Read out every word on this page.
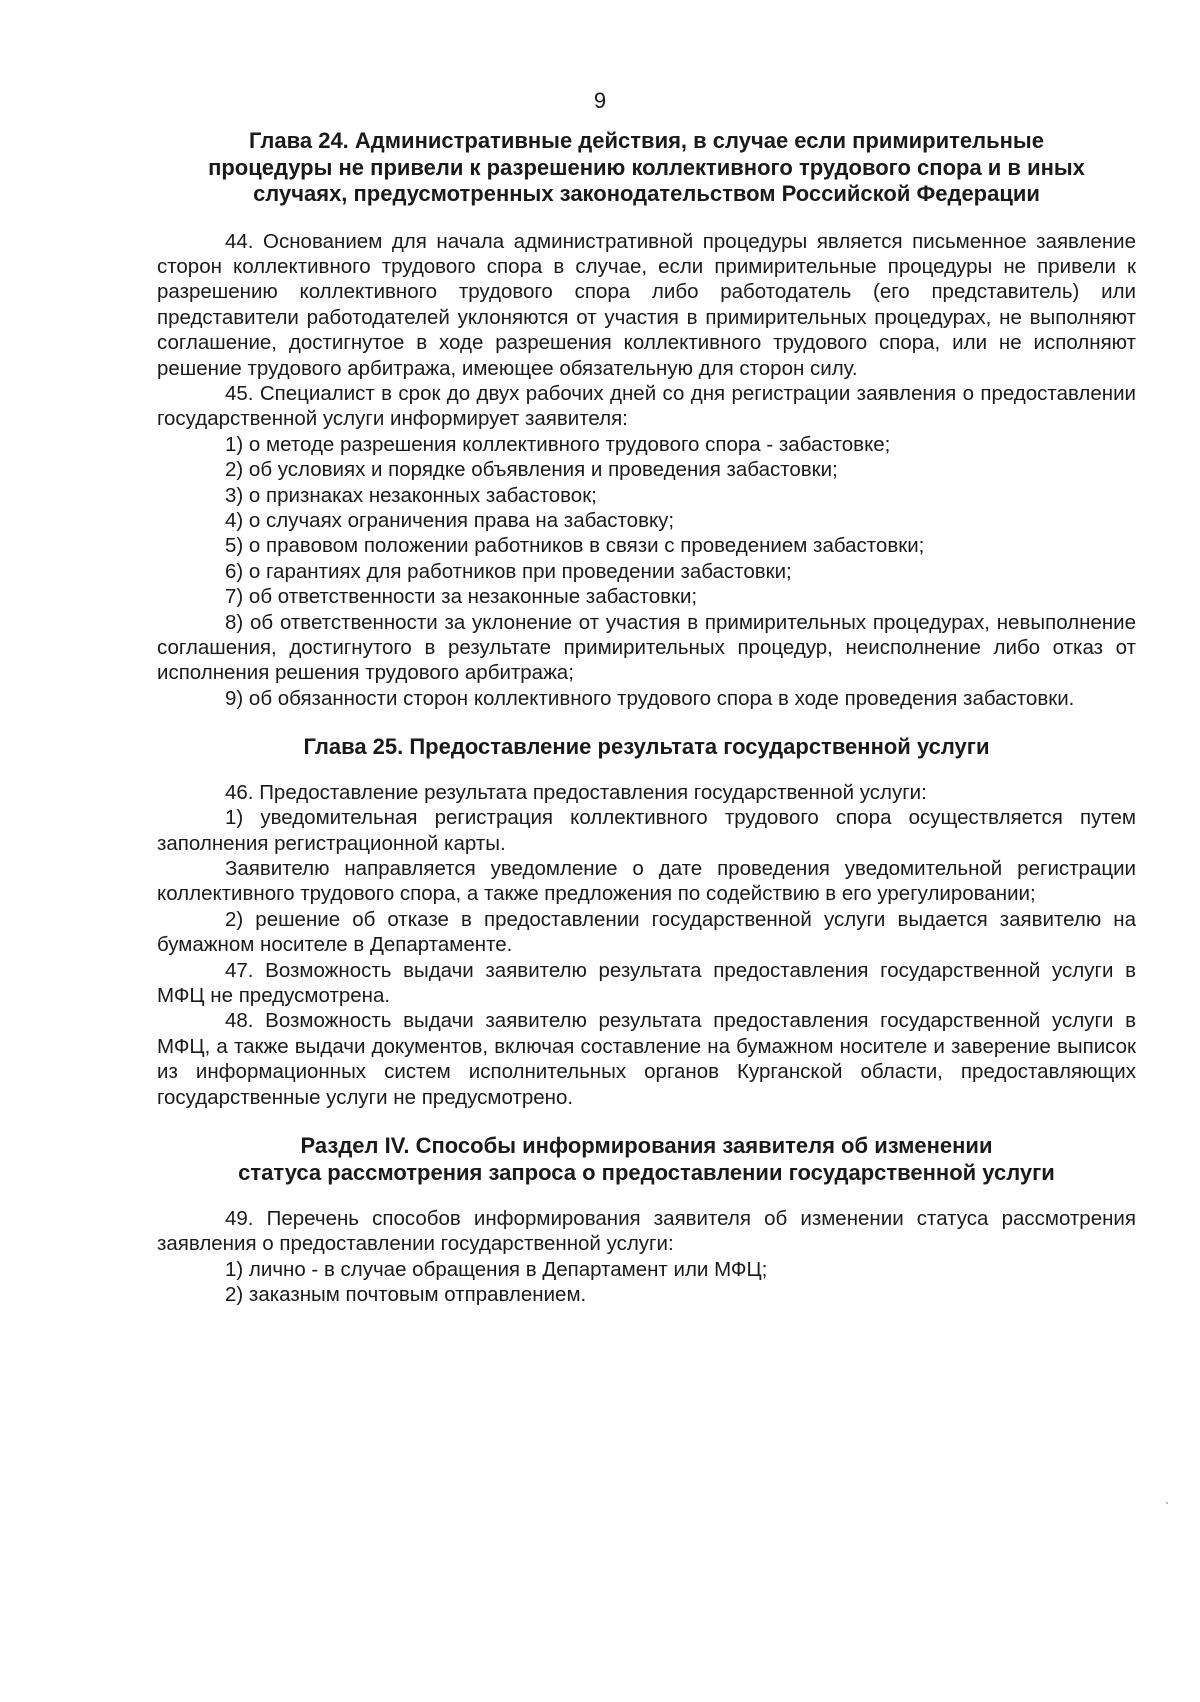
9
Глава 24. Административные действия, в случае если примирительные
процедуры не привели к разрешению коллективного трудового спора и в иных
случаях, предусмотренных законодательством Российской Федерации

44. Основанием для начала административной процедуры является письменное заявление сторон коллективного трудового спора в случае, если примирительные процедуры не привели к разрешению коллективного трудового спора либо работодатель (его представитель) или представители работодателей уклоняются от участия в примирительных процедурах, не выполняют соглашение, достигнутое в ходе разрешения коллективного трудового спора, или не исполняют решение трудового арбитража, имеющее обязательную для сторон силу.

45. Специалист в срок до двух рабочих дней со дня регистрации заявления о предоставлении государственной услуги информирует заявителя:

1) о методе разрешения коллективного трудового спора - забастовке;

2) об условиях и порядке объявления и проведения забастовки;

3) о признаках незаконных забастовок;

4) о случаях ограничения права на забастовку;

5) о правовом положении работников в связи с проведением забастовки;

6) о гарантиях для работников при проведении забастовки;

7) об ответственности за незаконные забастовки;

8) об ответственности за уклонение от участия в примирительных процедурах, невыполнение соглашения, достигнутого в результате примирительных процедур, неисполнение либо отказ от исполнения решения трудового арбитража;

9) об обязанности сторон коллективного трудового спора в ходе проведения забастовки.

Глава 25. Предоставление результата государственной услуги

46. Предоставление результата предоставления государственной услуги:

1) уведомительная регистрация коллективного трудового спора осуществляется путем заполнения регистрационной карты.

Заявителю направляется уведомление о дате проведения уведомительной регистрации коллективного трудового спора, а также предложения по содействию в его урегулировании;

2) решение об отказе в предоставлении государственной услуги выдается заявителю на бумажном носителе в Департаменте.

47. Возможность выдачи заявителю результата предоставления государственной услуги в МФЦ не предусмотрена.

48. Возможность выдачи заявителю результата предоставления государственной услуги в МФЦ, а также выдачи документов, включая составление на бумажном носителе и заверение выписок из информационных систем исполнительных органов Курганской области, предоставляющих государственные услуги не предусмотрено.

Раздел IV. Способы информирования заявителя об изменении
статуса рассмотрения запроса о предоставлении государственной услуги

49. Перечень способов информирования заявителя об изменении статуса рассмотрения заявления о предоставлении государственной услуги:

1) лично - в случае обращения в Департамент или МФЦ;

2) заказным почтовым отправлением.
